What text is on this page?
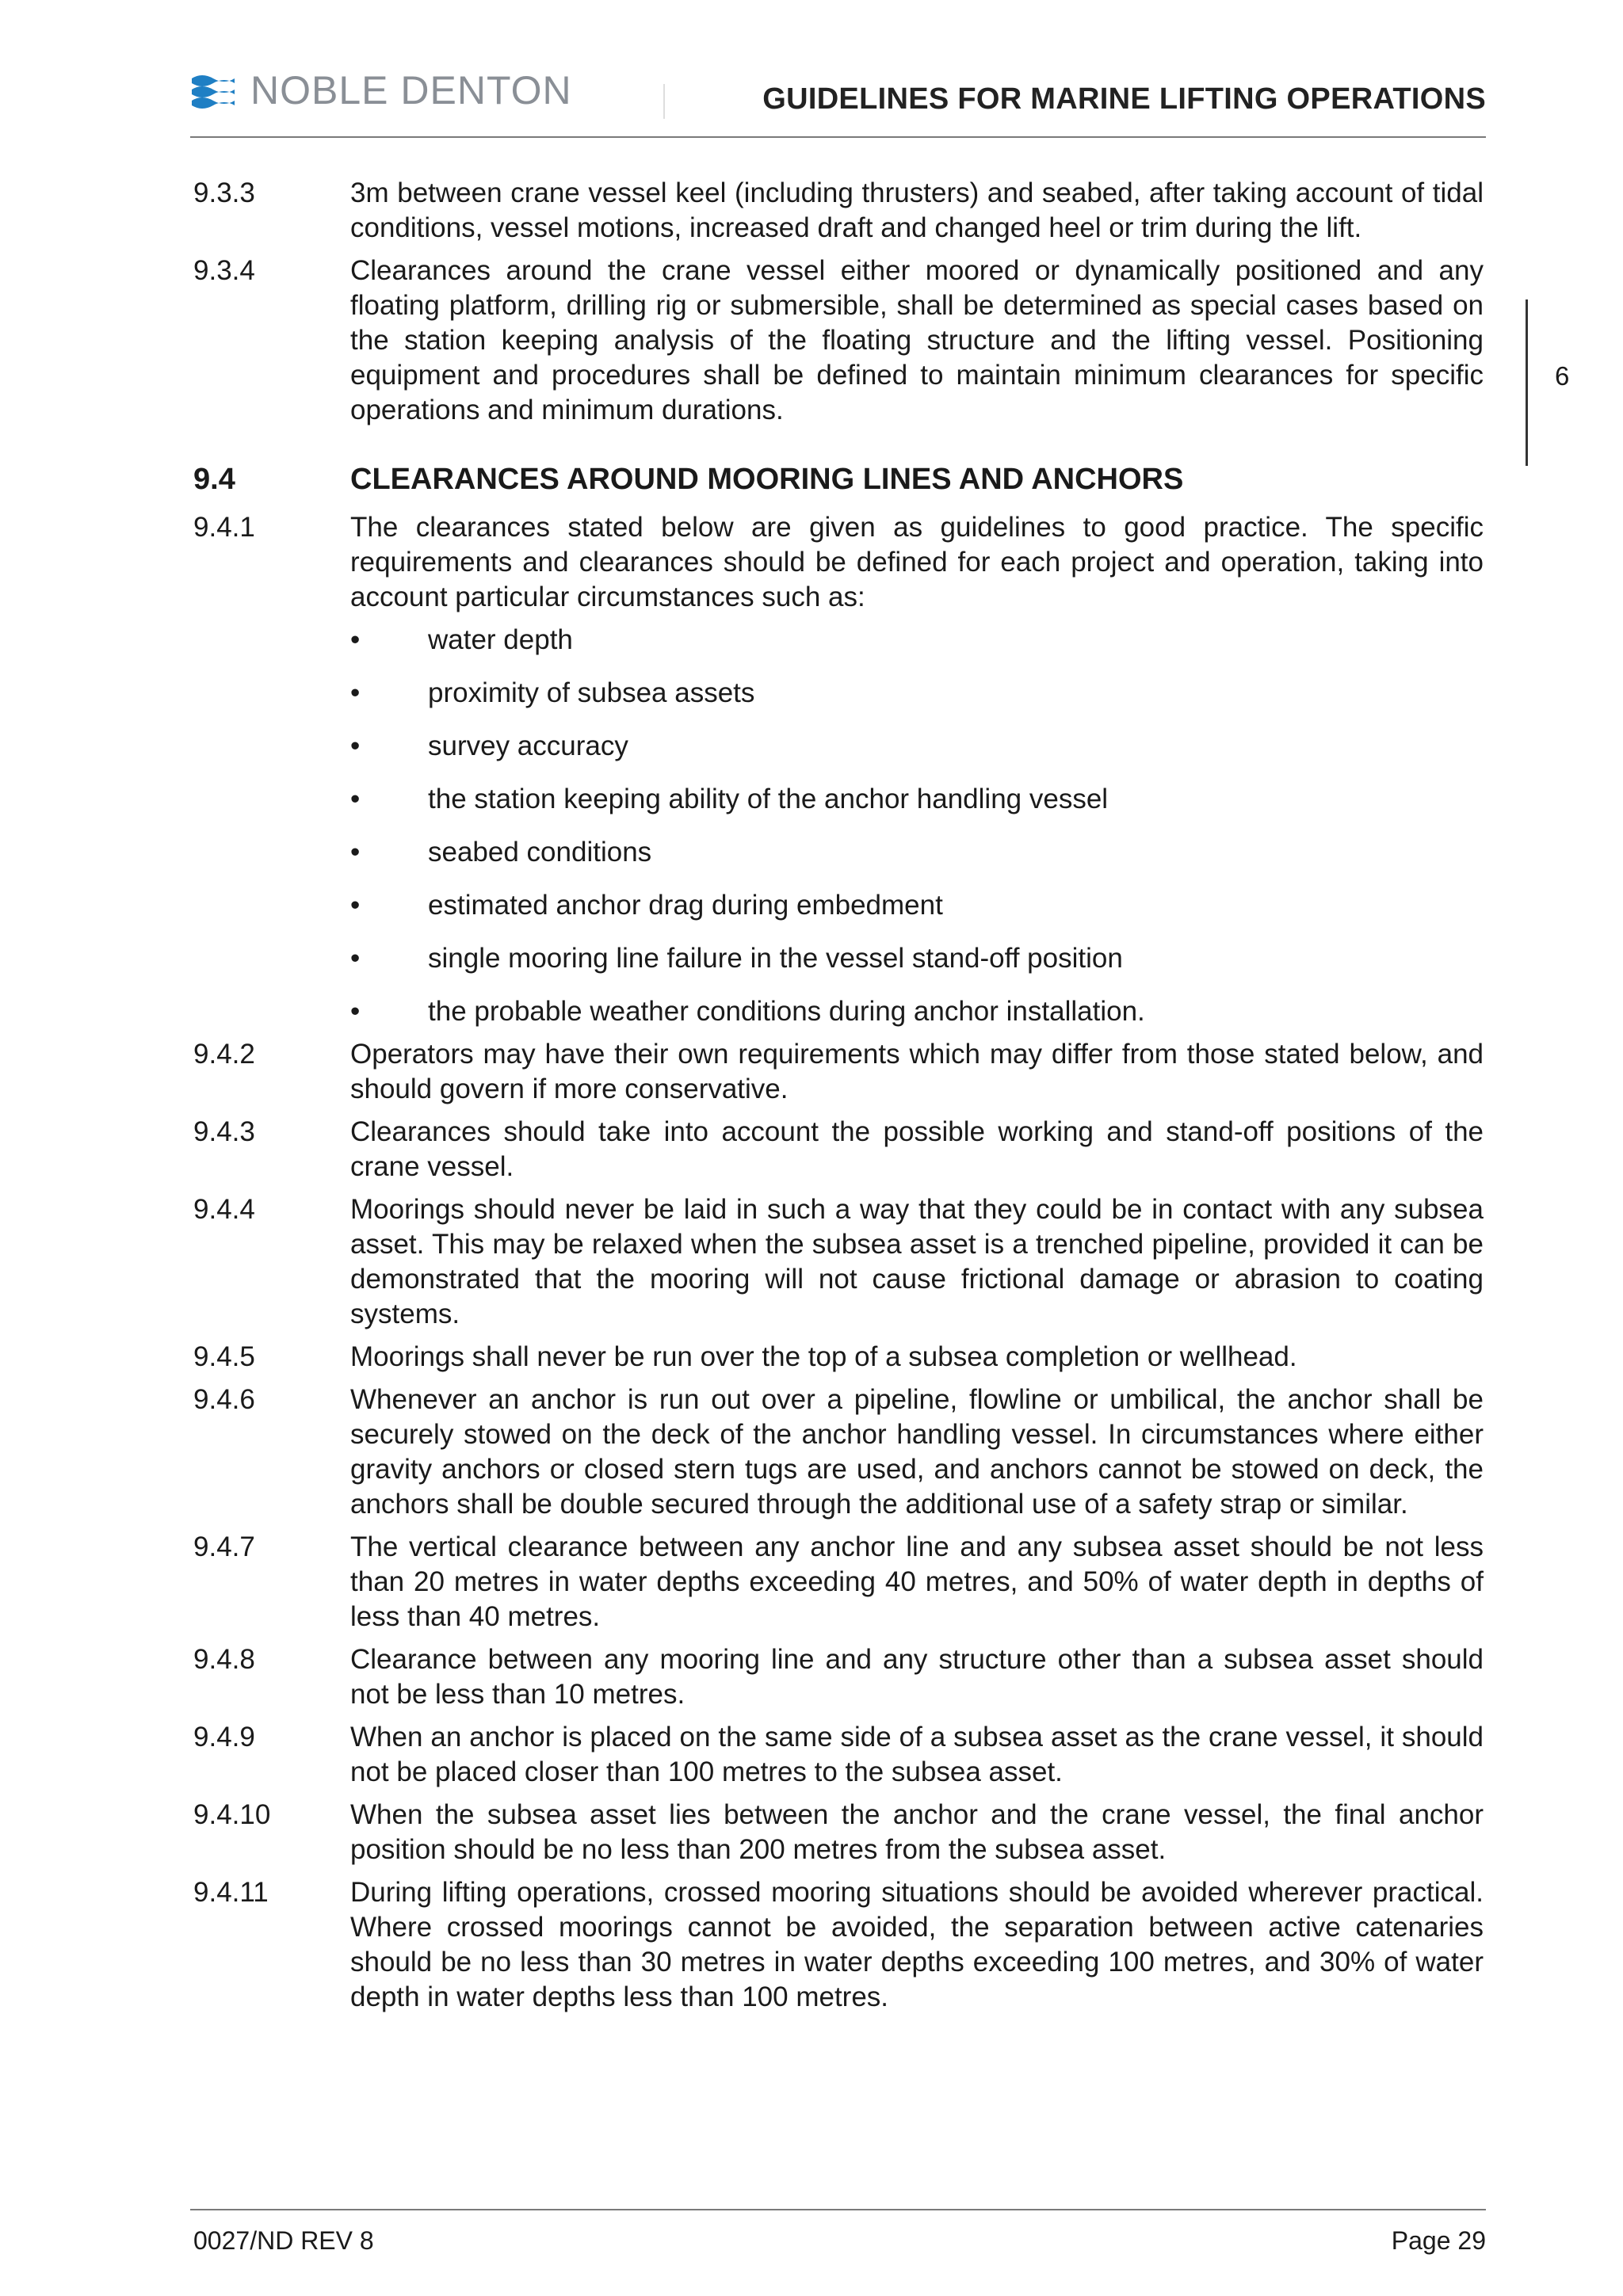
NOBLE DENTON	GUIDELINES FOR MARINE LIFTING OPERATIONS
6
9.3.3	3m between crane vessel keel (including thrusters) and seabed, after taking account of tidal conditions, vessel motions, increased draft and changed heel or trim during the lift.
9.3.4	Clearances around the crane vessel either moored or dynamically positioned and any floating platform, drilling rig or submersible, shall be determined as special cases based on the station keeping analysis of the floating structure and the lifting vessel. Positioning equipment and procedures shall be defined to maintain minimum clearances for specific operations and minimum durations.
9.4	CLEARANCES AROUND MOORING LINES AND ANCHORS
9.4.1	The clearances stated below are given as guidelines to good practice. The specific requirements and clearances should be defined for each project and operation, taking into account particular circumstances such as:
•	water depth
•	proximity of subsea assets
•	survey accuracy
•	the station keeping ability of the anchor handling vessel
•	seabed conditions
•	estimated anchor drag during embedment
•	single mooring line failure in the vessel stand-off position
•	the probable weather conditions during anchor installation.
9.4.2	Operators may have their own requirements which may differ from those stated below, and should govern if more conservative.
9.4.3	Clearances should take into account the possible working and stand-off positions of the crane vessel.
9.4.4	Moorings should never be laid in such a way that they could be in contact with any subsea asset. This may be relaxed when the subsea asset is a trenched pipeline, provided it can be demonstrated that the mooring will not cause frictional damage or abrasion to coating systems.
9.4.5	Moorings shall never be run over the top of a subsea completion or wellhead.
9.4.6	Whenever an anchor is run out over a pipeline, flowline or umbilical, the anchor shall be securely stowed on the deck of the anchor handling vessel. In circumstances where either gravity anchors or closed stern tugs are used, and anchors cannot be stowed on deck, the anchors shall be double secured through the additional use of a safety strap or similar.
9.4.7	The vertical clearance between any anchor line and any subsea asset should be not less than 20 metres in water depths exceeding 40 metres, and 50% of water depth in depths of less than 40 metres.
9.4.8	Clearance between any mooring line and any structure other than a subsea asset should not be less than 10 metres.
9.4.9	When an anchor is placed on the same side of a subsea asset as the crane vessel, it should not be placed closer than 100 metres to the subsea asset.
9.4.10	When the subsea asset lies between the anchor and the crane vessel, the final anchor position should be no less than 200 metres from the subsea asset.
9.4.11	During lifting operations, crossed mooring situations should be avoided wherever practical. Where crossed moorings cannot be avoided, the separation between active catenaries should be no less than 30 metres in water depths exceeding 100 metres, and 30% of water depth in water depths less than 100 metres.
0027/ND REV 8	Page 29
